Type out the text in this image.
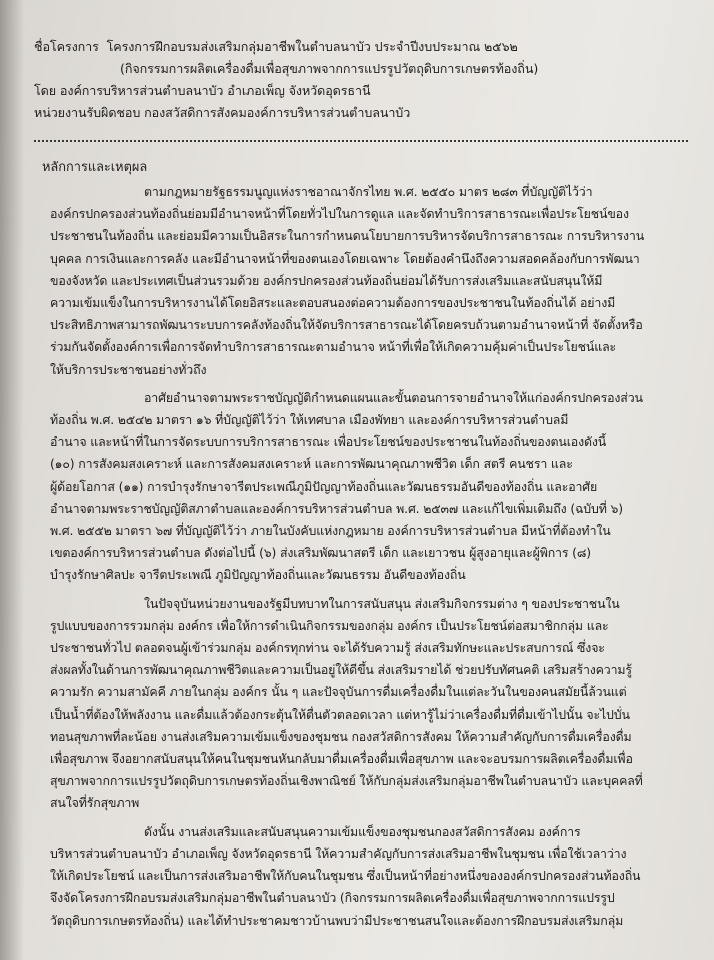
ชื่อโครงการ โครงการฝึกอบรมส่งเสริมกลุ่มอาชีพในตำบลนาบัว ประจำปีงบประมาณ ๒๕๖๒
(กิจกรรมการผลิตเครื่องดื่มเพื่อสุขภาพจากการแปรรูปวัตถุดิบการเกษตรท้องถิ่น)
โดย องค์การบริหารส่วนตำบลนาบัว อำเภอเพ็ญ จังหวัดอุดรธานี
หน่วยงานรับผิดชอบ กองสวัสดิการสังคมองค์การบริหารส่วนตำบลนาบัว
หลักการและเหตุผล
ตามกฎหมายรัฐธรรมนูญแห่งราชอาณาจักรไทย พ.ศ. ๒๕๕๐ มาตร ๒๘๓ ที่บัญญัติไว้ว่า
องค์กรปกครองส่วนท้องถิ่นย่อมมีอำนาจหน้าที่โดยทั่วไปในการดูแล และจัดทำบริการสาธารณะเพื่อประโยชน์ของ
ประชาชนในท้องถิ่น และย่อมมีความเป็นอิสระในการกำหนดนโยบายการบริหารจัดบริการสาธารณะ การบริหารงาน
บุคคล การเงินและการคลัง และมีอำนาจหน้าที่ของตนเองโดยเฉพาะ โดยต้องคำนึงถึงความสอดคล้องกับการพัฒนา
ของจังหวัด และประเทศเป็นส่วนรวมด้วย องค์กรปกครองส่วนท้องถิ่นย่อมได้รับการส่งเสริมและสนับสนุนให้มี
ความเข้มแข็งในการบริหารงานได้โดยอิสระและตอบสนองต่อความต้องการของประชาชนในท้องถิ่นได้ อย่างมี
ประสิทธิภาพสามารถพัฒนาระบบการคลังท้องถิ่นให้จัดบริการสาธารณะได้โดยครบถ้วนตามอำนาจหน้าที่ จัดตั้งหรือ
ร่วมกันจัดตั้งองค์การเพื่อการจัดทำบริการสาธารณะตามอำนาจ หน้าที่เพื่อให้เกิดความคุ้มค่าเป็นประโยชน์และ
ให้บริการประชาชนอย่างทั่วถึง
อาศัยอำนาจตามพระราชบัญญัติกำหนดแผนและขั้นตอนการจายอำนาจให้แก่องค์กรปกครองส่วน
ท้องถิ่น พ.ศ. ๒๕๔๒ มาตรา ๑๖ ที่บัญญัติไว้ว่า ให้เทศบาล เมืองพัทยา และองค์การบริหารส่วนตำบลมี
อำนาจ และหน้าที่ในการจัดระบบการบริการสาธารณะ เพื่อประโยชน์ของประชาชนในท้องถิ่นของตนเองดังนี้
(๑๐) การสังคมสงเคราะห์ และการสังคมสงเคราะห์ และการพัฒนาคุณภาพชีวิต เด็ก สตรี คนชรา และ
ผู้ด้อยโอกาส (๑๑) การบำรุงรักษาจารีตประเพณีภูมิปัญญาท้องถิ่นและวัฒนธรรมอันดีของท้องถิ่น และอาศัย
อำนาจตามพระราชบัญญัติสภาตำบลและองค์การบริหารส่วนตำบล พ.ศ. ๒๕๓๗ และแก้ไขเพิ่มเติมถึง (ฉบับที่ ๖)
พ.ศ. ๒๕๕๒ มาตรา ๖๗ ที่บัญญัติไว้ว่า ภายในบังคับแห่งกฎหมาย องค์การบริหารส่วนตำบล มีหน้าที่ต้องทำใน
เขตองค์การบริหารส่วนตำบล ดังต่อไปนี้ (๖) ส่งเสริมพัฒนาสตรี เด็ก และเยาวชน ผู้สูงอายุและผู้พิการ (๘)
บำรุงรักษาศิลปะ จารีตประเพณี ภูมิปัญญาท้องถิ่นและวัฒนธรรม อันดีของท้องถิ่น
ในปัจจุบันหน่วยงานของรัฐมีบทบาทในการสนับสนุน ส่งเสริมกิจกรรมต่าง ๆ ของประชาชนใน
รูปแบบของการรวมกลุ่ม องค์กร เพื่อให้การดำเนินกิจกรรมของกลุ่ม องค์กร เป็นประโยชน์ต่อสมาชิกกลุ่ม และ
ประชาชนทั่วไป ตลอดจนผู้เข้าร่วมกลุ่ม องค์กรทุกท่าน จะได้รับความรู้ ส่งเสริมทักษะและประสบการณ์ ซึ่งจะ
ส่งผลทั้งในด้านการพัฒนาคุณภาพชีวิตและความเป็นอยู่ให้ดีขึ้น ส่งเสริมรายได้ ช่วยปรับทัศนคติ เสริมสร้างความรู้
ความรัก ความสามัคคี ภายในกลุ่ม องค์กร นั้น ๆ และปัจจุบันการดื่มเครื่องดื่มในแต่ละวันในของคนสมัยนี้ล้วนแต่
เป็นน้ำที่ต้องให้พลังงาน และดื่มแล้วต้องกระตุ้นให้ตื่นตัวตลอดเวลา แต่หารู้ไม่ว่าเครื่องดื่มที่ดื่มเข้าไปนั้น จะไปบั่น
ทอนสุขภาพที่ละน้อย งานส่งเสริมความเข้มแข็งของชุมชน กองสวัสดิการสังคม ให้ความสำคัญกับการดื่มเครื่องดื่ม
เพื่อสุขภาพ จึงอยากสนับสนุนให้คนในชุมชนหันกลับมาดื่มเครื่องดื่มเพื่อสุขภาพ และจะอบรมการผลิตเครื่องดื่มเพื่อ
สุขภาพจากการแปรรูปวัตถุดิบการเกษตรท้องถิ่นเชิงพาณิชย์ ให้กับกลุ่มส่งเสริมกลุ่มอาชีพในตำบลนาบัว และบุคคลที่
สนใจที่รักสุขภาพ
ดังนั้น งานส่งเสริมและสนับสนุนความเข้มแข็งของชุมชนกองสวัสดิการสังคม องค์การ
บริหารส่วนตำบลนาบัว อำเภอเพ็ญ จังหวัดอุดรธานี ให้ความสำคัญกับการส่งเสริมอาชีพในชุมชน เพื่อใช้เวลาว่าง
ให้เกิดประโยชน์ และเป็นการส่งเสริมอาชีพให้กับคนในชุมชน ซึ่งเป็นหน้าที่อย่างหนึ่งขององค์กรปกครองส่วนท้องถิ่น
จึงจัดโครงการฝึกอบรมส่งเสริมกลุ่มอาชีพในตำบลนาบัว (กิจกรรมการผลิตเครื่องดื่มเพื่อสุขภาพจากการแปรรูป
วัตถุดิบการเกษตรท้องถิ่น) และได้ทำประชาคมชาวบ้านพบว่ามีประชาชนสนใจและต้องการฝึกอบรมส่งเสริมกลุ่ม
